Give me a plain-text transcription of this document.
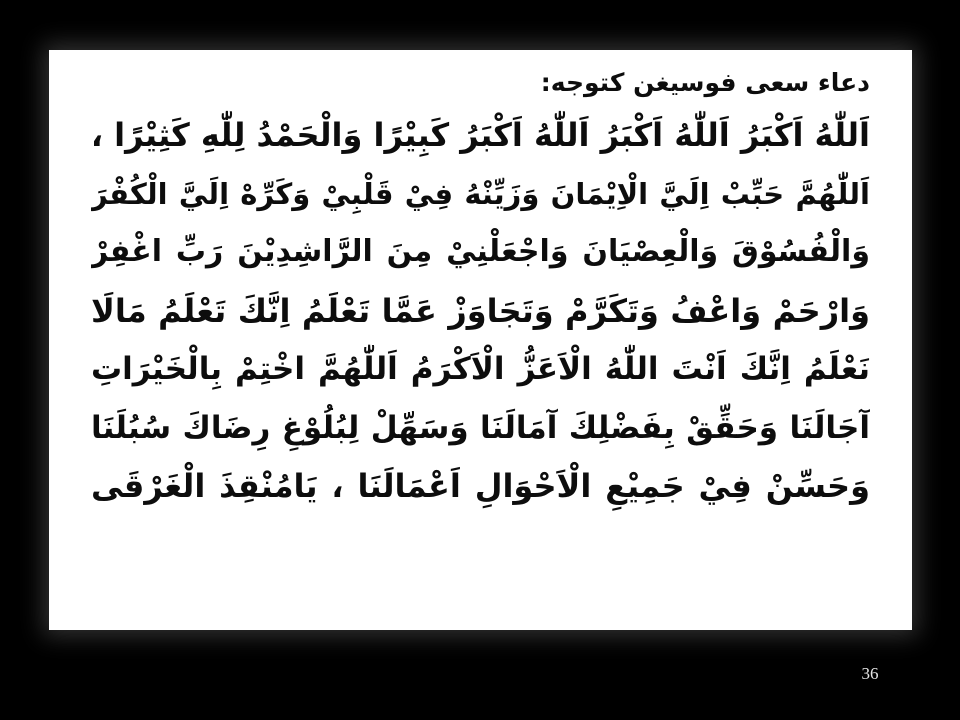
دعاء سعى فوسيغن كتوجه:
اَللّٰهُ اَكْبَرُ اَللّٰهُ اَكْبَرُ اَللّٰهُ اَكْبَرُ كَبِيْرًا وَالْحَمْدُ لِلّٰهِ كَثِيْرًا ،
اَللّٰهُمَّ حَبِّبْ اِلَيَّ الْاِيْمَانَ وَزَيِّنْهُ فِيْ قَلْبِيْ وَكَرِّهْ اِلَيَّ الْكُفْرَ
وَالْفُسُوْقَ وَالْعِصْيَانَ وَاجْعَلْنِيْ مِنَ الرَّاشِدِيْنَ رَبِّ اغْفِرْ
وَارْحَمْ وَاعْفُ وَتَكَرَّمْ وَتَجَاوَزْ عَمَّا تَعْلَمُ اِنَّكَ تَعْلَمُ مَالَا
نَعْلَمُ اِنَّكَ اَنْتَ اللّٰهُ الْاَعَزُّ الْاَكْرَمُ اَللّٰهُمَّ اخْتِمْ بِالْخَيْرَاتِ
آجَالَنَا وَحَقِّقْ بِفَضْلِكَ آمَالَنَا وَسَهِّلْ لِبُلُوْغِ رِضَاكَ سُبُلَنَا
وَحَسِّنْ فِيْ جَمِيْعِ الْاَحْوَالِ اَعْمَالَنَا ، يَامُنْقِذَ الْغَرْقَى
36
